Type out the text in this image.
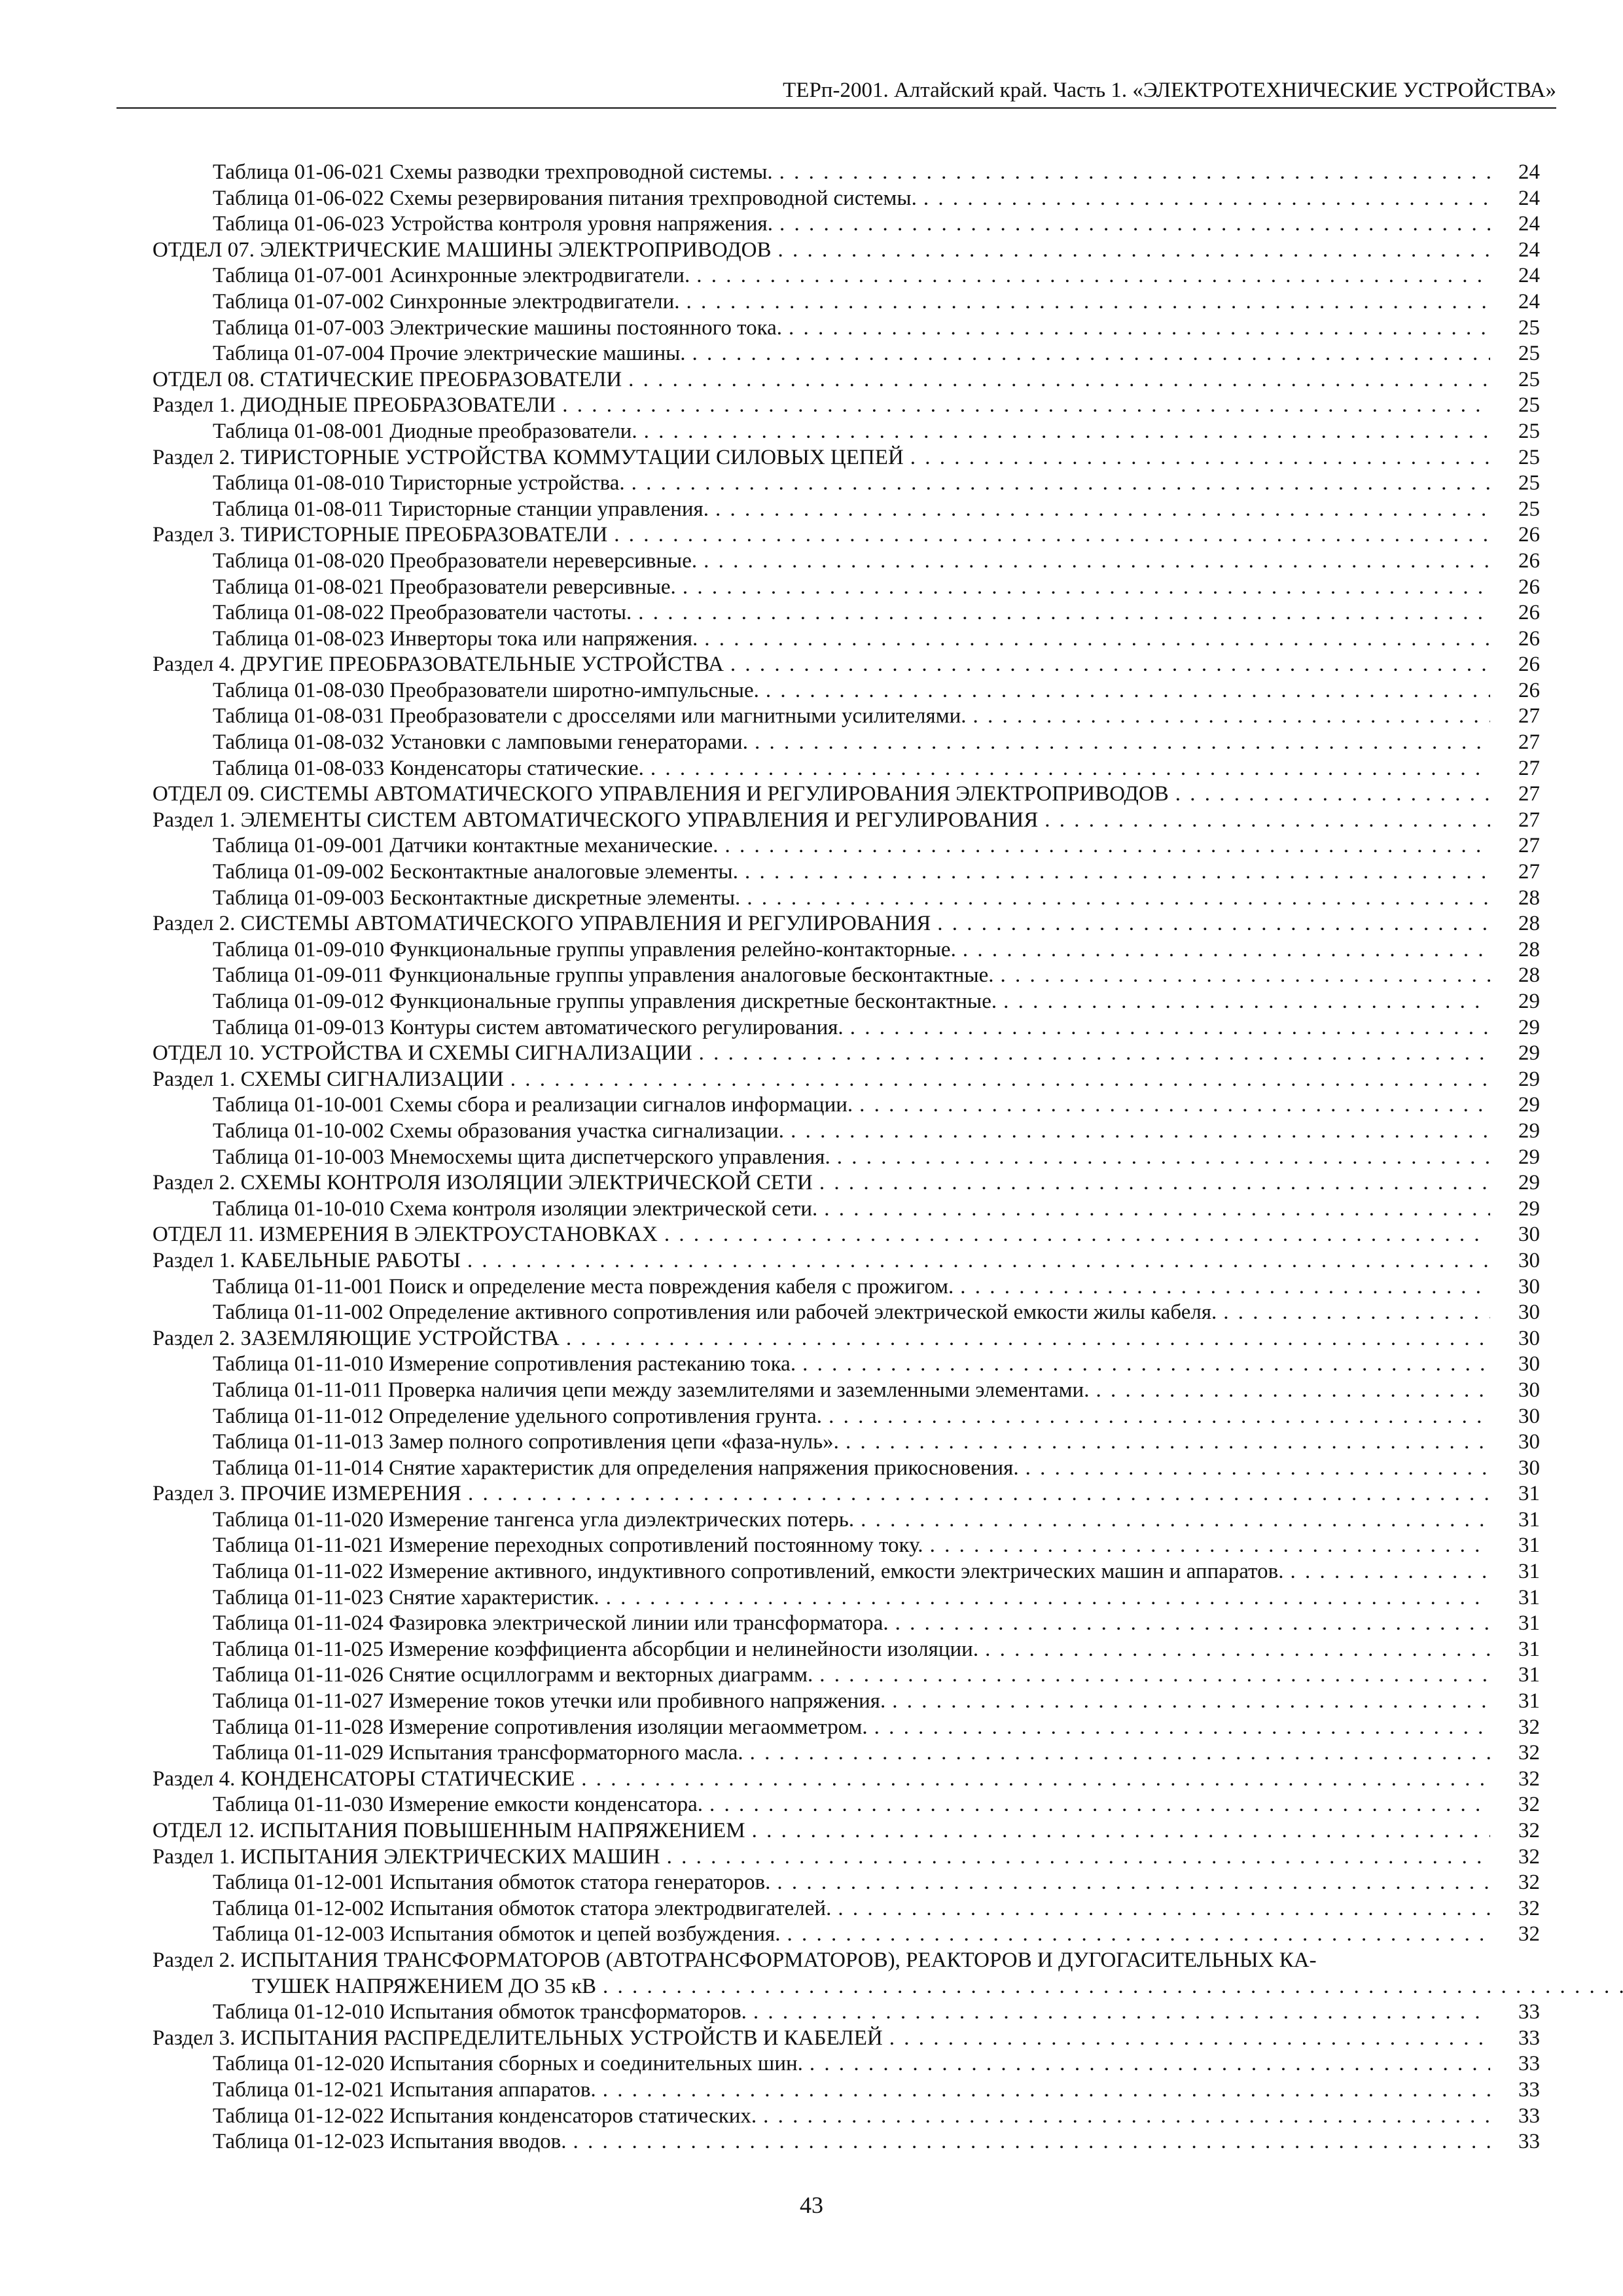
ТЕРп-2001. Алтайский край. Часть 1. «ЭЛЕКТРОТЕХНИЧЕСКИЕ УСТРОЙСТВА»
Таблица 01-06-021 Схемы разводки трехпроводной системы. . . .	24
Таблица 01-06-022 Схемы резервирования питания трехпроводной системы. . . .	24
Таблица 01-06-023 Устройства контроля уровня напряжения. . . .	24
ОТДЕЛ 07. ЭЛЕКТРИЧЕСКИЕ МАШИНЫ ЭЛЕКТРОПРИВОДОВ . . .	24
Таблица 01-07-001 Асинхронные электродвигатели. . . .	24
Таблица 01-07-002 Синхронные электродвигатели. . . .	24
Таблица 01-07-003 Электрические машины постоянного тока. . . .	25
Таблица 01-07-004 Прочие электрические машины. . . .	25
ОТДЕЛ 08. СТАТИЧЕСКИЕ ПРЕОБРАЗОВАТЕЛИ . . .	25
Раздел 1. ДИОДНЫЕ ПРЕОБРАЗОВАТЕЛИ . . .	25
Таблица 01-08-001 Диодные преобразователи. . . .	25
Раздел 2. ТИРИСТОРНЫЕ УСТРОЙСТВА КОММУТАЦИИ СИЛОВЫХ ЦЕПЕЙ . . .	25
Таблица 01-08-010 Тиристорные устройства. . . .	25
Таблица 01-08-011 Тиристорные станции управления. . . .	25
Раздел 3. ТИРИСТОРНЫЕ ПРЕОБРАЗОВАТЕЛИ . . .	26
Таблица 01-08-020 Преобразователи нереверсивные. . . .	26
Таблица 01-08-021 Преобразователи реверсивные. . . .	26
Таблица 01-08-022 Преобразователи частоты. . . .	26
Таблица 01-08-023 Инверторы тока или напряжения. . . .	26
Раздел 4. ДРУГИЕ ПРЕОБРАЗОВАТЕЛЬНЫЕ УСТРОЙСТВА . . .	26
Таблица 01-08-030 Преобразователи широтно-импульсные. . . .	26
Таблица 01-08-031 Преобразователи с дросселями или магнитными усилителями. . . .	27
Таблица 01-08-032 Установки с ламповыми генераторами. . . .	27
Таблица 01-08-033 Конденсаторы статические. . . .	27
ОТДЕЛ 09. СИСТЕМЫ АВТОМАТИЧЕСКОГО УПРАВЛЕНИЯ И РЕГУЛИРОВАНИЯ ЭЛЕКТРОПРИВОДОВ . . .	27
Раздел 1. ЭЛЕМЕНТЫ СИСТЕМ АВТОМАТИЧЕСКОГО УПРАВЛЕНИЯ И РЕГУЛИРОВАНИЯ . . .	27
Таблица 01-09-001 Датчики контактные механические. . . .	27
Таблица 01-09-002 Бесконтактные аналоговые элементы. . . .	27
Таблица 01-09-003 Бесконтактные дискретные элементы. . . .	28
Раздел 2. СИСТЕМЫ АВТОМАТИЧЕСКОГО УПРАВЛЕНИЯ И РЕГУЛИРОВАНИЯ . . .	28
Таблица 01-09-010 Функциональные группы управления релейно-контакторные. . . .	28
Таблица 01-09-011 Функциональные группы управления аналоговые бесконтактные. . . .	28
Таблица 01-09-012 Функциональные группы управления дискретные бесконтактные. . . .	29
Таблица 01-09-013 Контуры систем автоматического регулирования. . . .	29
ОТДЕЛ 10. УСТРОЙСТВА И СХЕМЫ СИГНАЛИЗАЦИИ . . .	29
Раздел 1. СХЕМЫ СИГНАЛИЗАЦИИ . . .	29
Таблица 01-10-001 Схемы сбора и реализации сигналов информации. . . .	29
Таблица 01-10-002 Схемы образования участка сигнализации. . . .	29
Таблица 01-10-003 Мнемосхемы щита диспетчерского управления. . . .	29
Раздел 2. СХЕМЫ КОНТРОЛЯ ИЗОЛЯЦИИ ЭЛЕКТРИЧЕСКОЙ СЕТИ . . .	29
Таблица 01-10-010 Схема контроля изоляции электрической сети. . . .	29
ОТДЕЛ 11. ИЗМЕРЕНИЯ В ЭЛЕКТРОУСТАНОВКАХ . . .	30
Раздел 1. КАБЕЛЬНЫЕ РАБОТЫ . . .	30
Таблица 01-11-001 Поиск и определение места повреждения кабеля с прожигом. . . .	30
Таблица 01-11-002 Определение активного сопротивления или рабочей электрической емкости жилы кабеля. . . .	30
Раздел 2. ЗАЗЕМЛЯЮЩИЕ УСТРОЙСТВА . . .	30
Таблица 01-11-010 Измерение сопротивления растеканию тока. . . .	30
Таблица 01-11-011 Проверка наличия цепи между заземлителями и заземленными элементами. . . .	30
Таблица 01-11-012 Определение удельного сопротивления грунта. . . .	30
Таблица 01-11-013 Замер полного сопротивления цепи «фаза-нуль». . . .	30
Таблица 01-11-014 Снятие характеристик для определения напряжения прикосновения. . . .	30
Раздел 3. ПРОЧИЕ ИЗМЕРЕНИЯ . . .	31
Таблица 01-11-020 Измерение тангенса угла диэлектрических потерь. . . .	31
Таблица 01-11-021 Измерение переходных сопротивлений постоянному току. . . .	31
Таблица 01-11-022 Измерение активного, индуктивного сопротивлений, емкости электрических машин и аппаратов. . . .	31
Таблица 01-11-023 Снятие характеристик. . . .	31
Таблица 01-11-024 Фазировка электрической линии или трансформатора. . . .	31
Таблица 01-11-025 Измерение коэффициента абсорбции и нелинейности изоляции. . . .	31
Таблица 01-11-026 Снятие осциллограмм и векторных диаграмм. . . .	31
Таблица 01-11-027 Измерение токов утечки или пробивного напряжения. . . .	31
Таблица 01-11-028 Измерение сопротивления изоляции мегаомметром. . . .	32
Таблица 01-11-029 Испытания трансформаторного масла. . . .	32
Раздел 4. КОНДЕНСАТОРЫ СТАТИЧЕСКИЕ . . .	32
Таблица 01-11-030 Измерение емкости конденсатора. . . .	32
ОТДЕЛ 12. ИСПЫТАНИЯ ПОВЫШЕННЫМ НАПРЯЖЕНИЕМ . . .	32
Раздел 1. ИСПЫТАНИЯ ЭЛЕКТРИЧЕСКИХ МАШИН . . .	32
Таблица 01-12-001 Испытания обмоток статора генераторов. . . .	32
Таблица 01-12-002 Испытания обмоток статора электродвигателей. . . .	32
Таблица 01-12-003 Испытания обмоток и цепей возбуждения. . . .	32
Раздел 2. ИСПЫТАНИЯ ТРАНСФОРМАТОРОВ (АВТОТРАНСФОРМАТОРОВ), РЕАКТОРОВ И ДУГОГАСИТЕЛЬНЫХ КА-
ТУШЕК НАПРЯЖЕНИЕМ ДО 35 кВ . . .
Таблица 01-12-010 Испытания обмоток трансформаторов. . . .	33
Раздел 3. ИСПЫТАНИЯ РАСПРЕДЕЛИТЕЛЬНЫХ УСТРОЙСТВ И КАБЕЛЕЙ . . .	33
Таблица 01-12-020 Испытания сборных и соединительных шин. . . .	33
Таблица 01-12-021 Испытания аппаратов. . . .	33
Таблица 01-12-022 Испытания конденсаторов статических. . . .	33
Таблица 01-12-023 Испытания вводов. . . .	33
43
